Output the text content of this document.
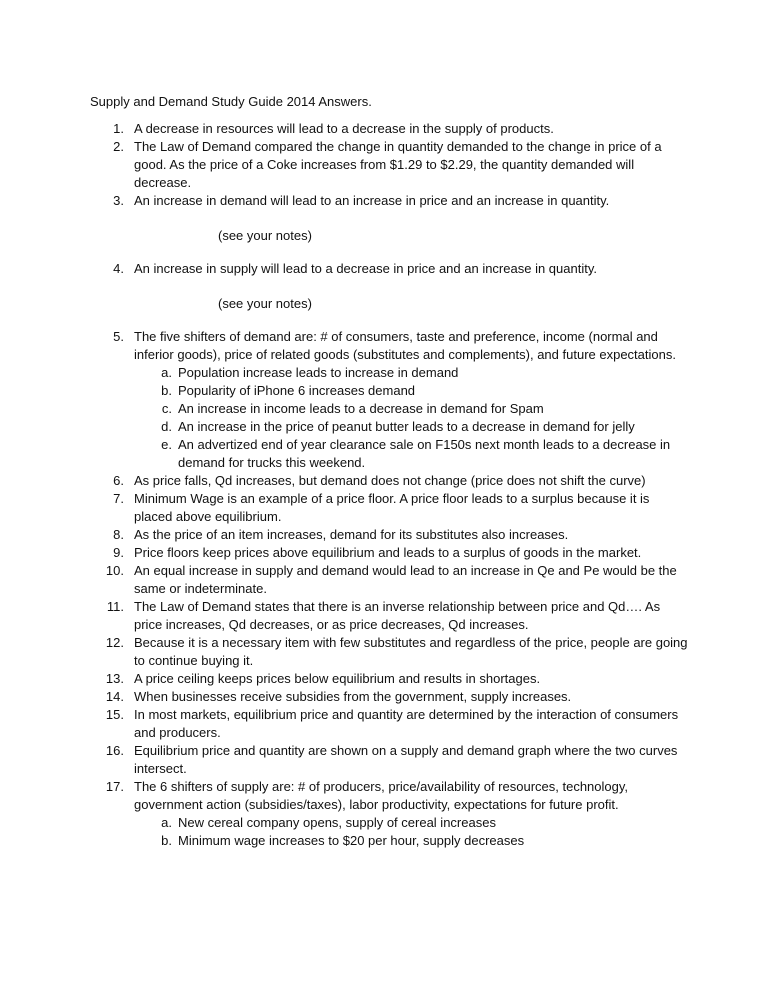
Supply and Demand Study Guide 2014 Answers.
1. A decrease in resources will lead to a decrease in the supply of products.
2. The Law of Demand compared the change in quantity demanded to the change in price of a good. As the price of a Coke increases from $1.29 to $2.29, the quantity demanded will decrease.
3. An increase in demand will lead to an increase in price and an increase in quantity.
(see your notes)
4. An increase in supply will lead to a decrease in price and an increase in quantity.
(see your notes)
5. The five shifters of demand are: # of consumers, taste and preference, income (normal and inferior goods), price of related goods (substitutes and complements), and future expectations.
a. Population increase leads to increase in demand
b. Popularity of iPhone 6 increases demand
c. An increase in income leads to a decrease in demand for Spam
d. An increase in the price of peanut butter leads to a decrease in demand for jelly
e. An advertized end of year clearance sale on F150s next month leads to a decrease in demand for trucks this weekend.
6. As price falls, Qd increases, but demand does not change (price does not shift the curve)
7. Minimum Wage is an example of a price floor. A price floor leads to a surplus because it is placed above equilibrium.
8. As the price of an item increases, demand for its substitutes also increases.
9. Price floors keep prices above equilibrium and leads to a surplus of goods in the market.
10. An equal increase in supply and demand would lead to an increase in Qe and Pe would be the same or indeterminate.
11. The Law of Demand states that there is an inverse relationship between price and Qd…. As price increases, Qd decreases, or as price decreases, Qd increases.
12. Because it is a necessary item with few substitutes and regardless of the price, people are going to continue buying it.
13. A price ceiling keeps prices below equilibrium and results in shortages.
14. When businesses receive subsidies from the government, supply increases.
15. In most markets, equilibrium price and quantity are determined by the interaction of consumers and producers.
16. Equilibrium price and quantity are shown on a supply and demand graph where the two curves intersect.
17. The 6 shifters of supply are: # of producers, price/availability of resources, technology, government action (subsidies/taxes), labor productivity, expectations for future profit.
a. New cereal company opens, supply of cereal increases
b. Minimum wage increases to $20 per hour, supply decreases
